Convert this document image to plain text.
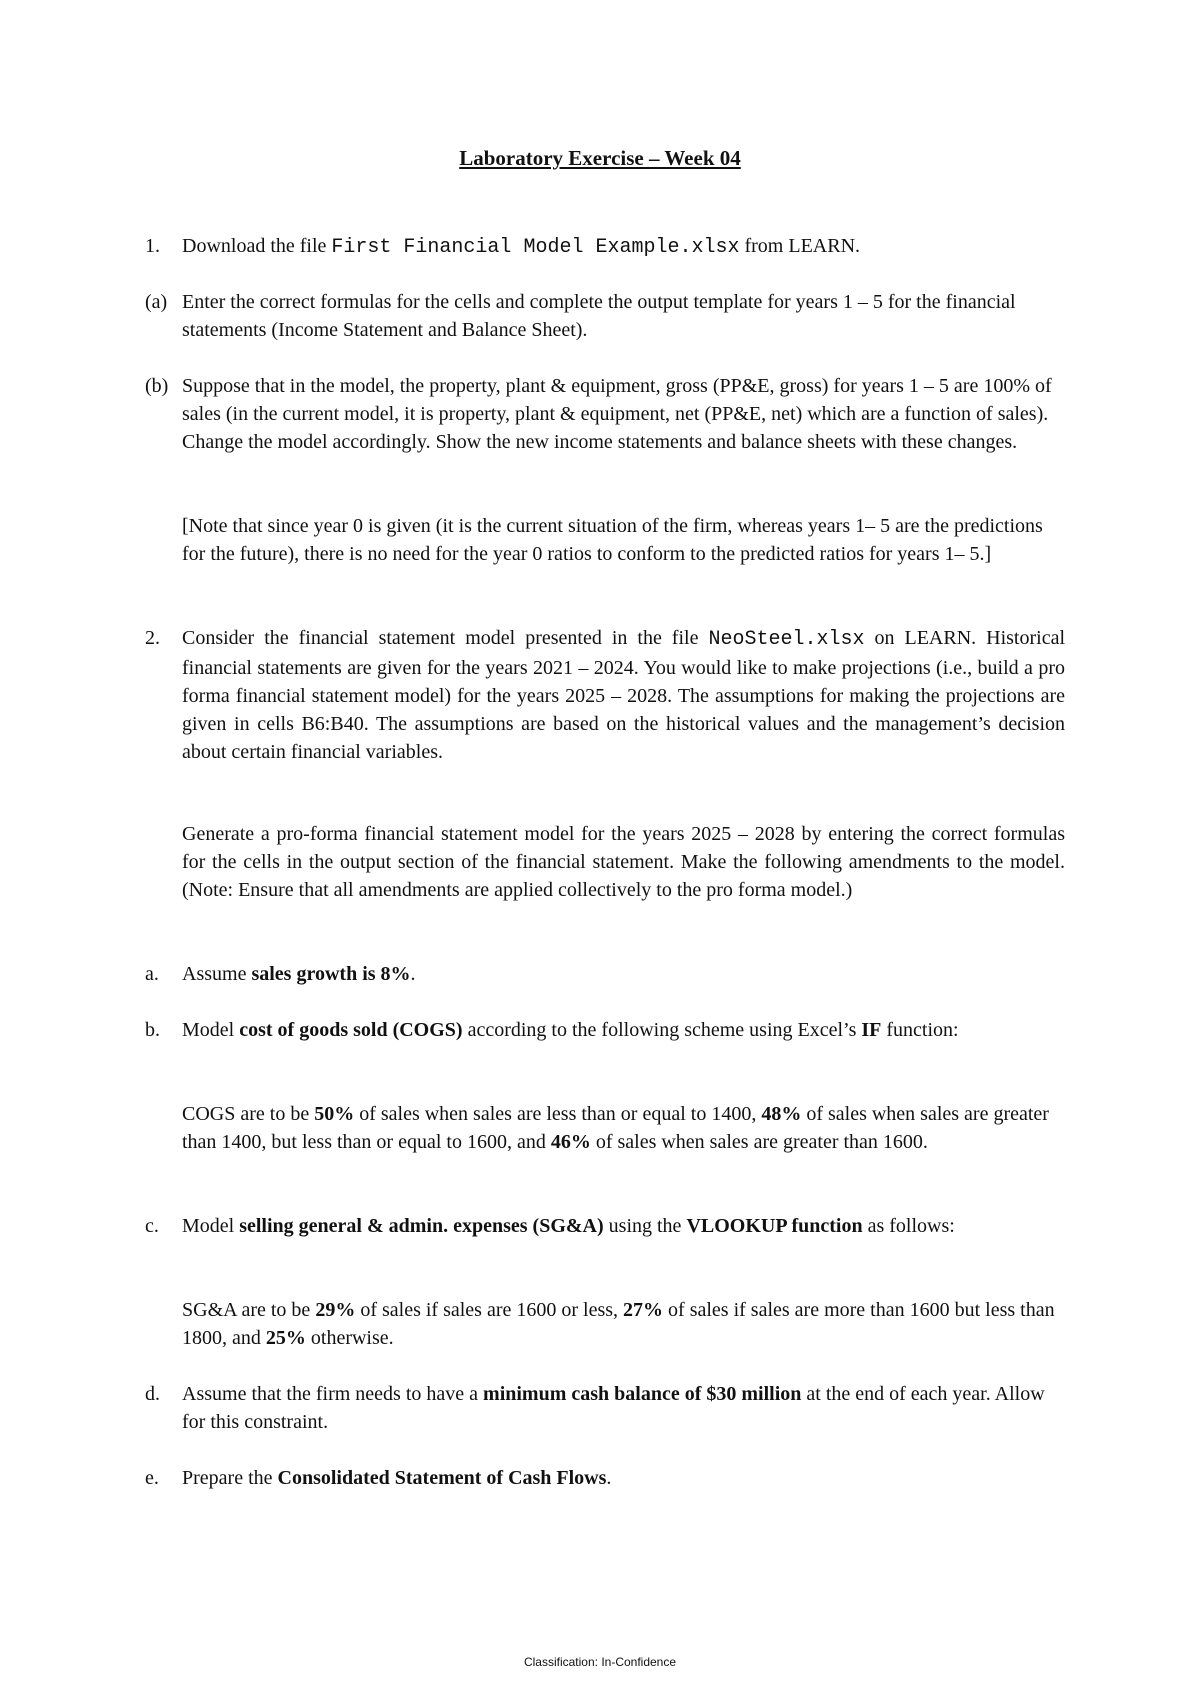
Laboratory Exercise – Week 04
1.	Download the file First Financial Model Example.xlsx from LEARN.
(a) Enter the correct formulas for the cells and complete the output template for years 1 – 5 for the financial statements (Income Statement and Balance Sheet).
(b) Suppose that in the model, the property, plant & equipment, gross (PP&E, gross) for years 1 – 5 are 100% of sales (in the current model, it is property, plant & equipment, net (PP&E, net) which are a function of sales). Change the model accordingly. Show the new income statements and balance sheets with these changes.
[Note that since year 0 is given (it is the current situation of the firm, whereas years 1– 5 are the predictions for the future), there is no need for the year 0 ratios to conform to the predicted ratios for years 1– 5.]
2.	Consider the financial statement model presented in the file NeoSteel.xlsx on LEARN. Historical financial statements are given for the years 2021 – 2024. You would like to make projections (i.e., build a pro forma financial statement model) for the years 2025 – 2028. The assumptions for making the projections are given in cells B6:B40. The assumptions are based on the historical values and the management’s decision about certain financial variables.
Generate a pro-forma financial statement model for the years 2025 – 2028 by entering the correct formulas for the cells in the output section of the financial statement. Make the following amendments to the model. (Note: Ensure that all amendments are applied collectively to the pro forma model.)
a.	Assume sales growth is 8%.
b.	Model cost of goods sold (COGS) according to the following scheme using Excel’s IF function:
COGS are to be 50% of sales when sales are less than or equal to 1400, 48% of sales when sales are greater than 1400, but less than or equal to 1600, and 46% of sales when sales are greater than 1600.
c.	Model selling general & admin. expenses (SG&A) using the VLOOKUP function as follows:
SG&A are to be 29% of sales if sales are 1600 or less, 27% of sales if sales are more than 1600 but less than 1800, and 25% otherwise.
d.	Assume that the firm needs to have a minimum cash balance of $30 million at the end of each year. Allow for this constraint.
e.	Prepare the Consolidated Statement of Cash Flows.
Classification: In-Confidence
